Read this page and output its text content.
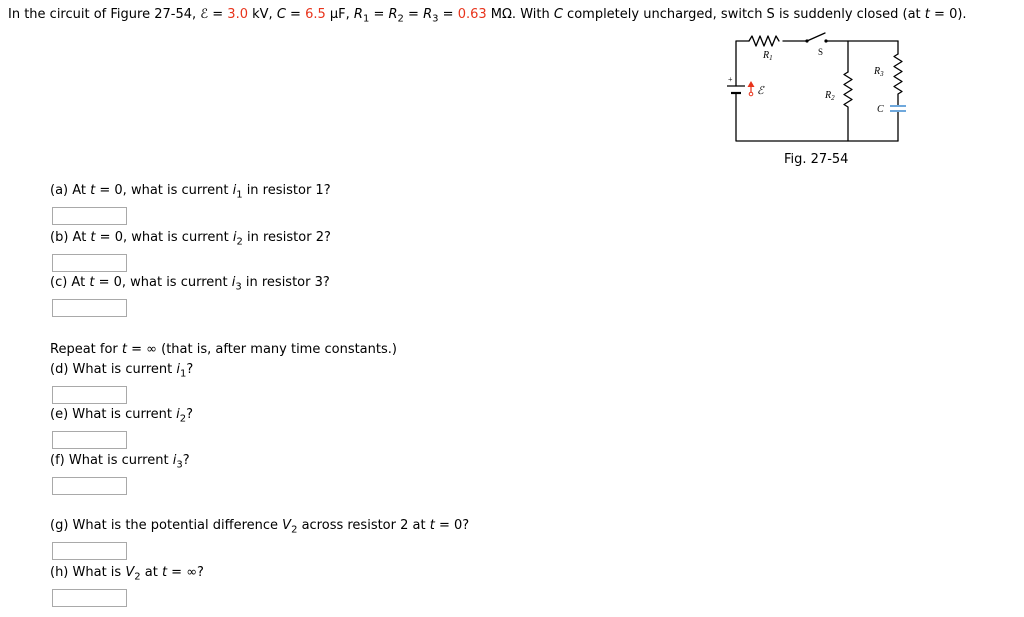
In the circuit of Figure 27-54, ℰ = 3.0 kV, C = 6.5 μF, $R_1 = R_2 = R_3 = 0.63$ MΩ. With C completely uncharged, switch S is suddenly closed (at t = 0).
+
ℰ
$R_1$
S
$R_2$
$R_3$
C
Fig. 27-54
(a) At t = 0, what is current $i_1$ in resistor 1?
(b) At t = 0, what is current $i_2$ in resistor 2?
(c) At t = 0, what is current $i_3$ in resistor 3?
Repeat for t = ∞ (that is, after many time constants.)
(d) What is current $i_1$?
(e) What is current $i_2$?
(f) What is current $i_3$?
(g) What is the potential difference $V_2$ across resistor 2 at t = 0?
(h) What is $V_2$ at t = ∞?
